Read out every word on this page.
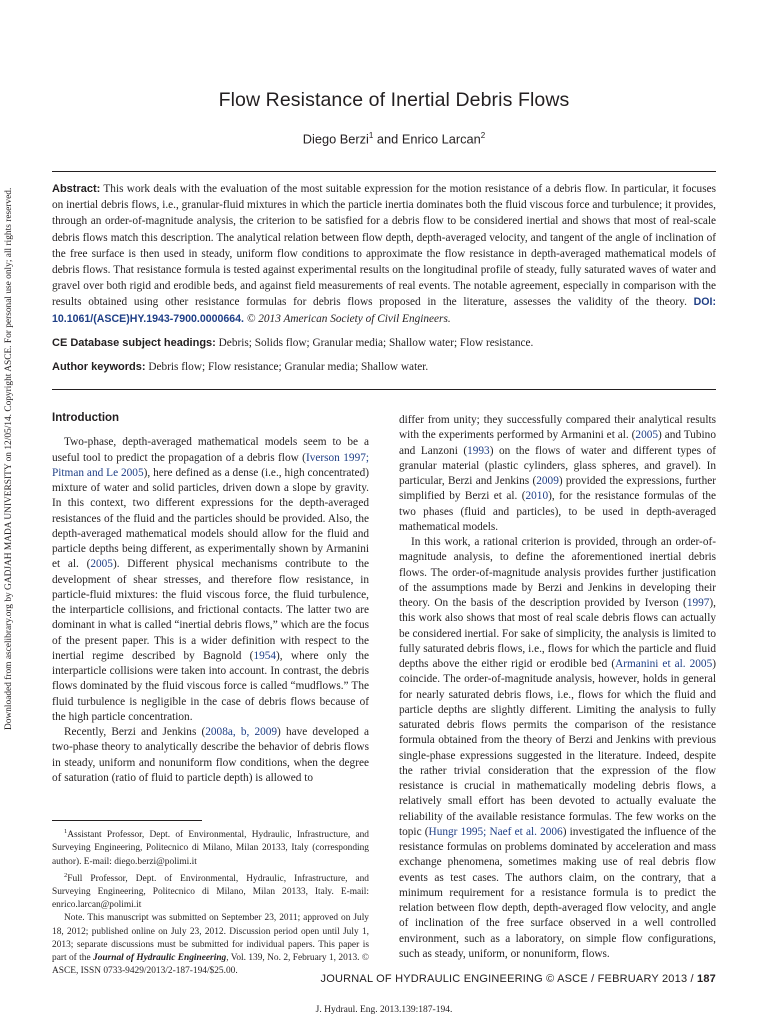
Downloaded from ascelibrary.org by GADJAH MADA UNIVERSITY on 12/05/14. Copyright ASCE. For personal use only; all rights reserved.
Flow Resistance of Inertial Debris Flows
Diego Berzi$^1$ and Enrico Larcan$^2$

Abstract: This work deals with the evaluation of the most suitable expression for the motion resistance of a debris flow. In particular, it focuses on inertial debris flows, i.e., granular-fluid mixtures in which the particle inertia dominates both the fluid viscous force and turbulence; it provides, through an order-of-magnitude analysis, the criterion to be satisfied for a debris flow to be considered inertial and shows that most of real-scale debris flows match this description. The analytical relation between flow depth, depth-averaged velocity, and tangent of the angle of inclination of the free surface is then used in steady, uniform flow conditions to approximate the flow resistance in depth-averaged mathematical models of debris flows. That resistance formula is tested against experimental results on the longitudinal profile of steady, fully saturated waves of water and gravel over both rigid and erodible beds, and against field measurements of real events. The notable agreement, especially in comparison with the results obtained using other resistance formulas for debris flows proposed in the literature, assesses the validity of the theory. DOI: 10.1061/(ASCE)HY.1943-7900.0000664. © 2013 American Society of Civil Engineers.

CE Database subject headings: Debris; Solids flow; Granular media; Shallow water; Flow resistance.

Author keywords: Debris flow; Flow resistance; Granular media; Shallow water.

Introduction

Two-phase, depth-averaged mathematical models seem to be a useful tool to predict the propagation of a debris flow (Iverson 1997; Pitman and Le 2005), here defined as a dense (i.e., high concentrated) mixture of water and solid particles, driven down a slope by gravity. In this context, two different expressions for the depth-averaged resistances of the fluid and the particles should be provided. Also, the depth-averaged mathematical models should allow for the fluid and particle depths being different, as experimentally shown by Armanini et al. (2005). Different physical mechanisms contribute to the development of shear stresses, and therefore flow resistance, in particle-fluid mixtures: the fluid viscous force, the fluid turbulence, the interparticle collisions, and frictional contacts. The latter two are dominant in what is called “inertial debris flows,” which are the focus of the present paper. This is a wider definition with respect to the inertial regime described by Bagnold (1954), where only the interparticle collisions were taken into account. In contrast, the debris flows dominated by the fluid viscous force is called “mudflows.” The fluid turbulence is negligible in the case of debris flows because of the high particle concentration.

Recently, Berzi and Jenkins (2008a, b, 2009) have developed a two-phase theory to analytically describe the behavior of debris flows in steady, uniform and nonuniform flow conditions, when the degree of saturation (ratio of fluid to particle depth) is allowed to

$^1$Assistant Professor, Dept. of Environmental, Hydraulic, Infrastructure, and Surveying Engineering, Politecnico di Milano, Milan 20133, Italy (corresponding author). E-mail: diego.berzi@polimi.it

$^2$Full Professor, Dept. of Environmental, Hydraulic, Infrastructure, and Surveying Engineering, Politecnico di Milano, Milan 20133, Italy. E-mail: enrico.larcan@polimi.it

Note. This manuscript was submitted on September 23, 2011; approved on July 18, 2012; published online on July 23, 2012. Discussion period open until July 1, 2013; separate discussions must be submitted for individual papers. This paper is part of the Journal of Hydraulic Engineering, Vol. 139, No. 2, February 1, 2013. © ASCE, ISSN 0733-9429/2013/2-187-194/$25.00.

differ from unity; they successfully compared their analytical results with the experiments performed by Armanini et al. (2005) and Tubino and Lanzoni (1993) on the flows of water and different types of granular material (plastic cylinders, glass spheres, and gravel). In particular, Berzi and Jenkins (2009) provided the expressions, further simplified by Berzi et al. (2010), for the resistance formulas of the two phases (fluid and particles), to be used in depth-averaged mathematical models.

In this work, a rational criterion is provided, through an order-of-magnitude analysis, to define the aforementioned inertial debris flows. The order-of-magnitude analysis provides further justification of the assumptions made by Berzi and Jenkins in developing their theory. On the basis of the description provided by Iverson (1997), this work also shows that most of real scale debris flows can actually be considered inertial. For sake of simplicity, the analysis is limited to fully saturated debris flows, i.e., flows for which the particle and fluid depths above the either rigid or erodible bed (Armanini et al. 2005) coincide. The order-of-magnitude analysis, however, holds in general for nearly saturated debris flows, i.e., flows for which the fluid and particle depths are slightly different. Limiting the analysis to fully saturated debris flows permits the comparison of the resistance formula obtained from the theory of Berzi and Jenkins with previous single-phase expressions suggested in the literature. Indeed, despite the rather trivial consideration that the expression of the flow resistance is crucial in mathematically modeling debris flows, a relatively small effort has been devoted to actually evaluate the reliability of the available resistance formulas. The few works on the topic (Hungr 1995; Naef et al. 2006) investigated the influence of the resistance formulas on problems dominated by acceleration and mass exchange phenomena, sometimes making use of real debris flow events as test cases. The authors claim, on the contrary, that a minimum requirement for a resistance formula is to predict the relation between flow depth, depth-averaged flow velocity, and angle of inclination of the free surface observed in a well controlled environment, such as a laboratory, on simple flow configurations, such as steady, uniform, or nonuniform, flows.

JOURNAL OF HYDRAULIC ENGINEERING © ASCE / FEBRUARY 2013 / 187
J. Hydraul. Eng. 2013.139:187-194.
